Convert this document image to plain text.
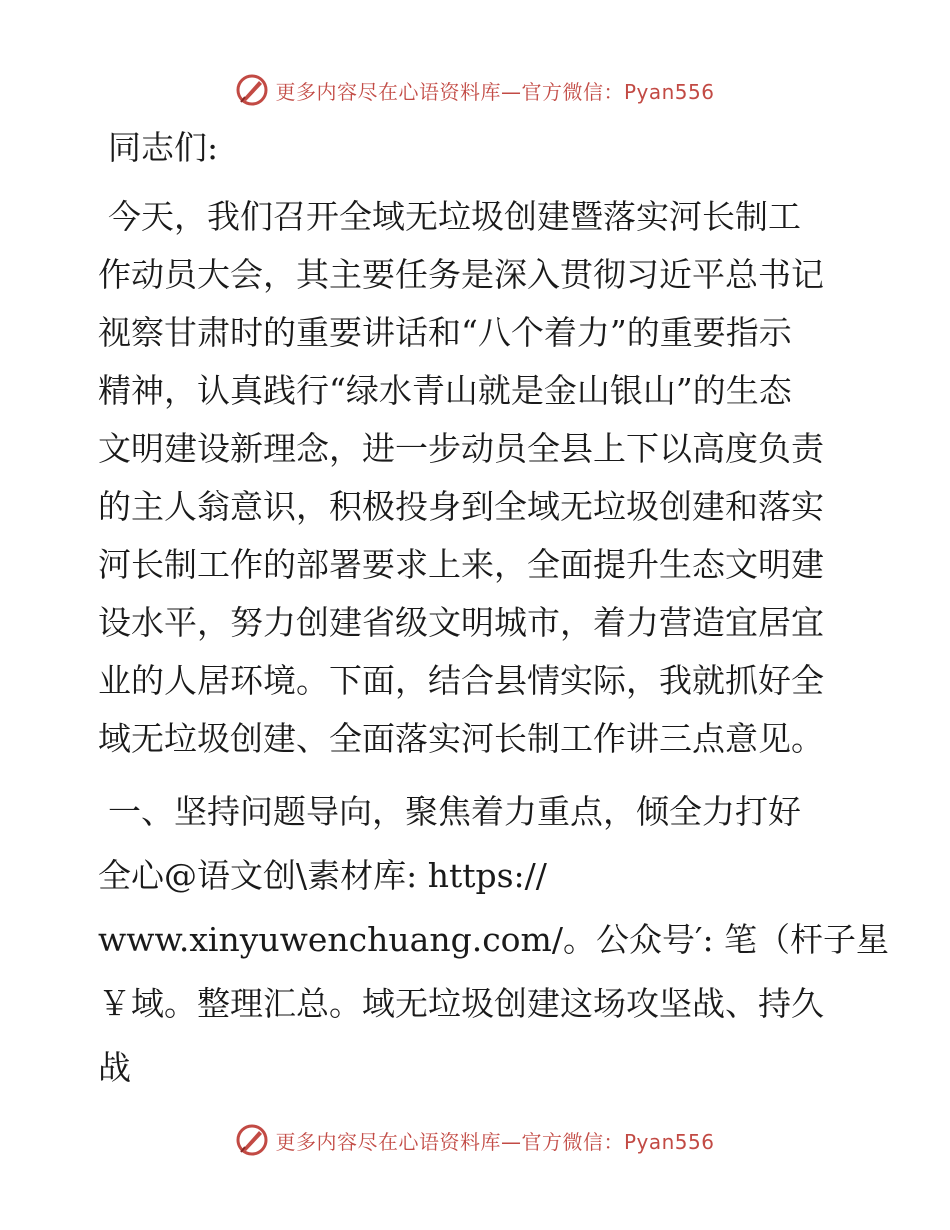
更多内容尽在心语资料库—官方微信：Pyan556
同志们:
今天，我们召开全域无垃圾创建暨落实河长制工
作动员大会，其主要任务是深入贯彻习近平总书记
视察甘肃时的重要讲话和“八个着力”的重要指示
精神，认真践行“绿水青山就是金山银山”的生态
文明建设新理念，进一步动员全县上下以高度负责
的主人翁意识，积极投身到全域无垃圾创建和落实
河长制工作的部署要求上来，全面提升生态文明建
设水平，努力创建省级文明城市，着力营造宜居宜
业的人居环境。下面，结合县情实际，我就抓好全
域无垃圾创建、全面落实河长制工作讲三点意见。
一、坚持问题导向，聚焦着力重点，倾全力打好
全心@语文创\素材库: https://
www.xinyuwenchuang.com/。公众号′: 笔（杆子星
￥域。整理汇总。域无垃圾创建这场攻坚战、持久
战
更多内容尽在心语资料库—官方微信：Pyan556
